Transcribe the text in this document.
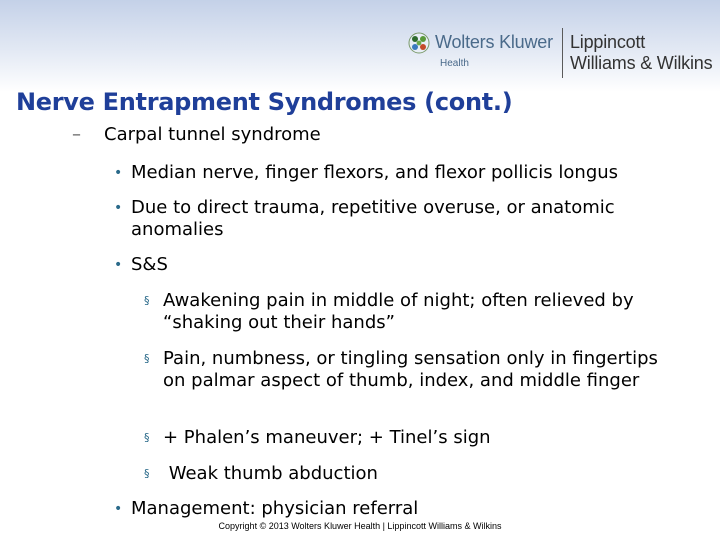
Wolters Kluwer
Health
Lippincott
Williams & Wilkins
Nerve Entrapment Syndromes (cont.)
– Carpal tunnel syndrome
• Median nerve, finger flexors, and flexor pollicis longus
• Due to direct trauma, repetitive overuse, or anatomic anomalies
• S&S
§ Awakening pain in middle of night; often relieved by “shaking out their hands”
§ Pain, numbness, or tingling sensation only in fingertips on palmar aspect of thumb, index, and middle finger
§ + Phalen’s maneuver; + Tinel’s sign
§ Weak thumb abduction
• Management: physician referral
Copyright © 2013 Wolters Kluwer Health | Lippincott Williams & Wilkins
